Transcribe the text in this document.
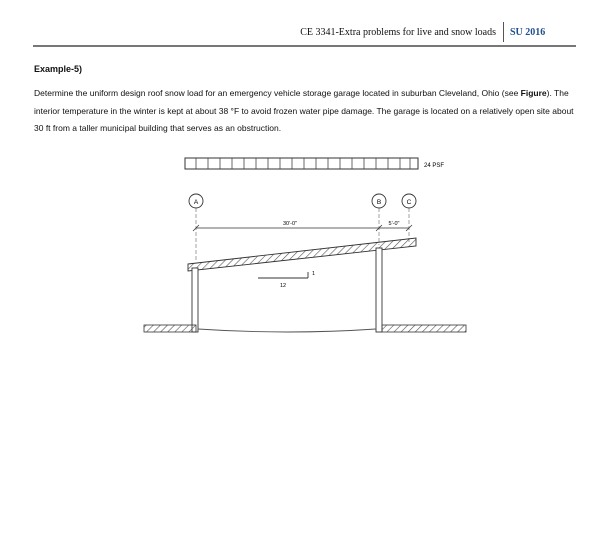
CE 3341-Extra problems for live and snow loads SU 2016
Example-5)
Determine the uniform design roof snow load for an emergency vehicle storage garage located in suburban Cleveland, Ohio (see Figure). The interior temperature in the winter is kept at about 38 °F to avoid frozen water pipe damage. The garage is located on a relatively open site about 30 ft from a taller municipal building that serves as an obstruction.
24 PSF
A	B	C
30'-0"	5'-0"
1
12
